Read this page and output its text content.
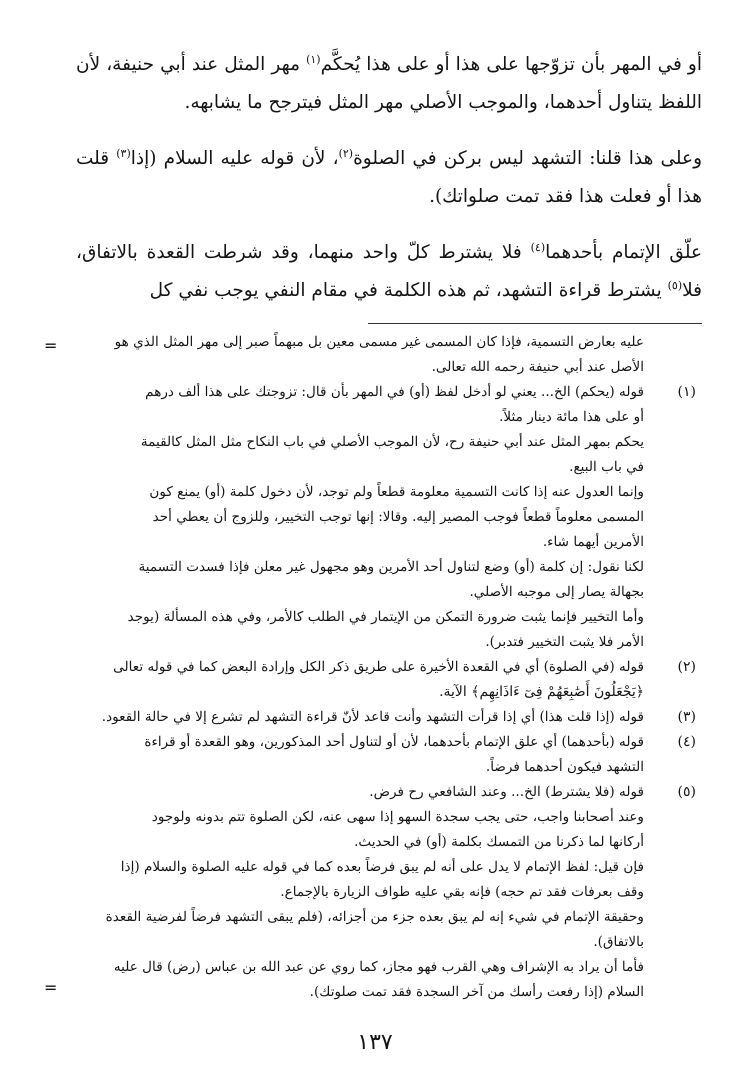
أو في المهر بأن تزوّجها على هذا أو على هذا يُحكَّم$^{(١)}$ مهر المثل عند أبي حنيفة، لأن اللفظ يتناول أحدهما، والموجب الأصلي مهر المثل فيترجح ما يشابهه.

وعلى هذا قلنا: التشهد ليس بركن في الصلوة$^{(٢)}$، لأن قوله عليه السلام (إذا$^{(٣)}$ قلت هذا أو فعلت هذا فقد تمت صلواتك).

علّق الإتمام بأحدهما$^{(٤)}$ فلا يشترط كلّ واحد منهما، وقد شرطت القعدة بالاتفاق، فلا$^{(٥)}$ يشترط قراءة التشهد، ثم هذه الكلمة في مقام النفي يوجب نفي كل

=	عليه بعارض التسمية، فإذا كان المسمى غير مسمى معين بل مبهماً صبر إلى مهر المثل الذي هو
الأصل عند أبي حنيفة رحمه الله تعالى.
(١)
قوله (يحكم) الخ... يعني لو أدخل لفظ (أو) في المهر بأن قال: تزوجتك على هذا ألف درهم
أو على هذا مائة دينار مثلاً.
يحكم بمهر المثل عند أبي حنيفة رح، لأن الموجب الأصلي في باب النكاح مثل المثل كالقيمة
في باب البيع.
وإنما العدول عنه إذا كانت التسمية معلومة قطعاً ولم توجد، لأن دخول كلمة (أو) يمنع كون
المسمى معلوماً قطعاً فوجب المصير إليه. وقالا: إنها توجب التخيير، وللزوج أن يعطي أحد
الأمرين أيهما شاء.
لكنا نقول: إن كلمة (أو) وضع لتناول أحد الأمرين وهو مجهول غير معلن فإذا فسدت التسمية
بجهالة يصار إلى موجبه الأصلي.
وأما التخيير فإنما يثبت ضرورة التمكن من الإيتمار في الطلب كالأمر، وفي هذه المسألة (يوجد
الأمر فلا يثبت التخيير فتدبر).
(٢)
قوله (في الصلوة) أي في القعدة الأخيرة على طريق ذكر الكل وإرادة البعض كما في قوله تعالى
﴿يَجْعَلُونَ أَصَٰبِعَهُمْ فِىٓ ءَاذَانِهِم﴾ الآية.
(٣)
قوله (إذا قلت هذا) أي إذا قرأت التشهد وأنت قاعد لأنّ قراءة التشهد لم تشرع إلا في حالة القعود.
(٤)
قوله (بأحدهما) أي علق الإتمام بأحدهما، لأن أو لتناول أحد المذكورين، وهو القعدة أو قراءة
التشهد فيكون أحدهما فرضاً.
(٥)
قوله (فلا يشترط) الخ... وعند الشافعي رح فرض.
وعند أصحابنا واجب، حتى يجب سجدة السهو إذا سهى عنه، لكن الصلوة تتم بدونه ولوجود
أركانها لما ذكرنا من التمسك بكلمة (أو) في الحديث.
فإن قيل: لفظ الإتمام لا يدل على أنه لم يبق فرضاً بعده كما في قوله عليه الصلوة والسلام (إذا
وقف بعرفات فقد تم حجه) فإنه بقي عليه طواف الزيارة بالإجماع.
وحقيقة الإتمام في شيء إنه لم يبق بعده جزء من أجزائه، (فلم يبقى التشهد فرضاً لفرضية القعدة
بالاتفاق).
فأما أن يراد به الإشراف وهي القرب فهو مجاز، كما روي عن عبد الله بن عباس (رض) قال عليه
السلام (إذا رفعت رأسك من آخر السجدة فقد تمت صلوتك).
=
١٣٧
